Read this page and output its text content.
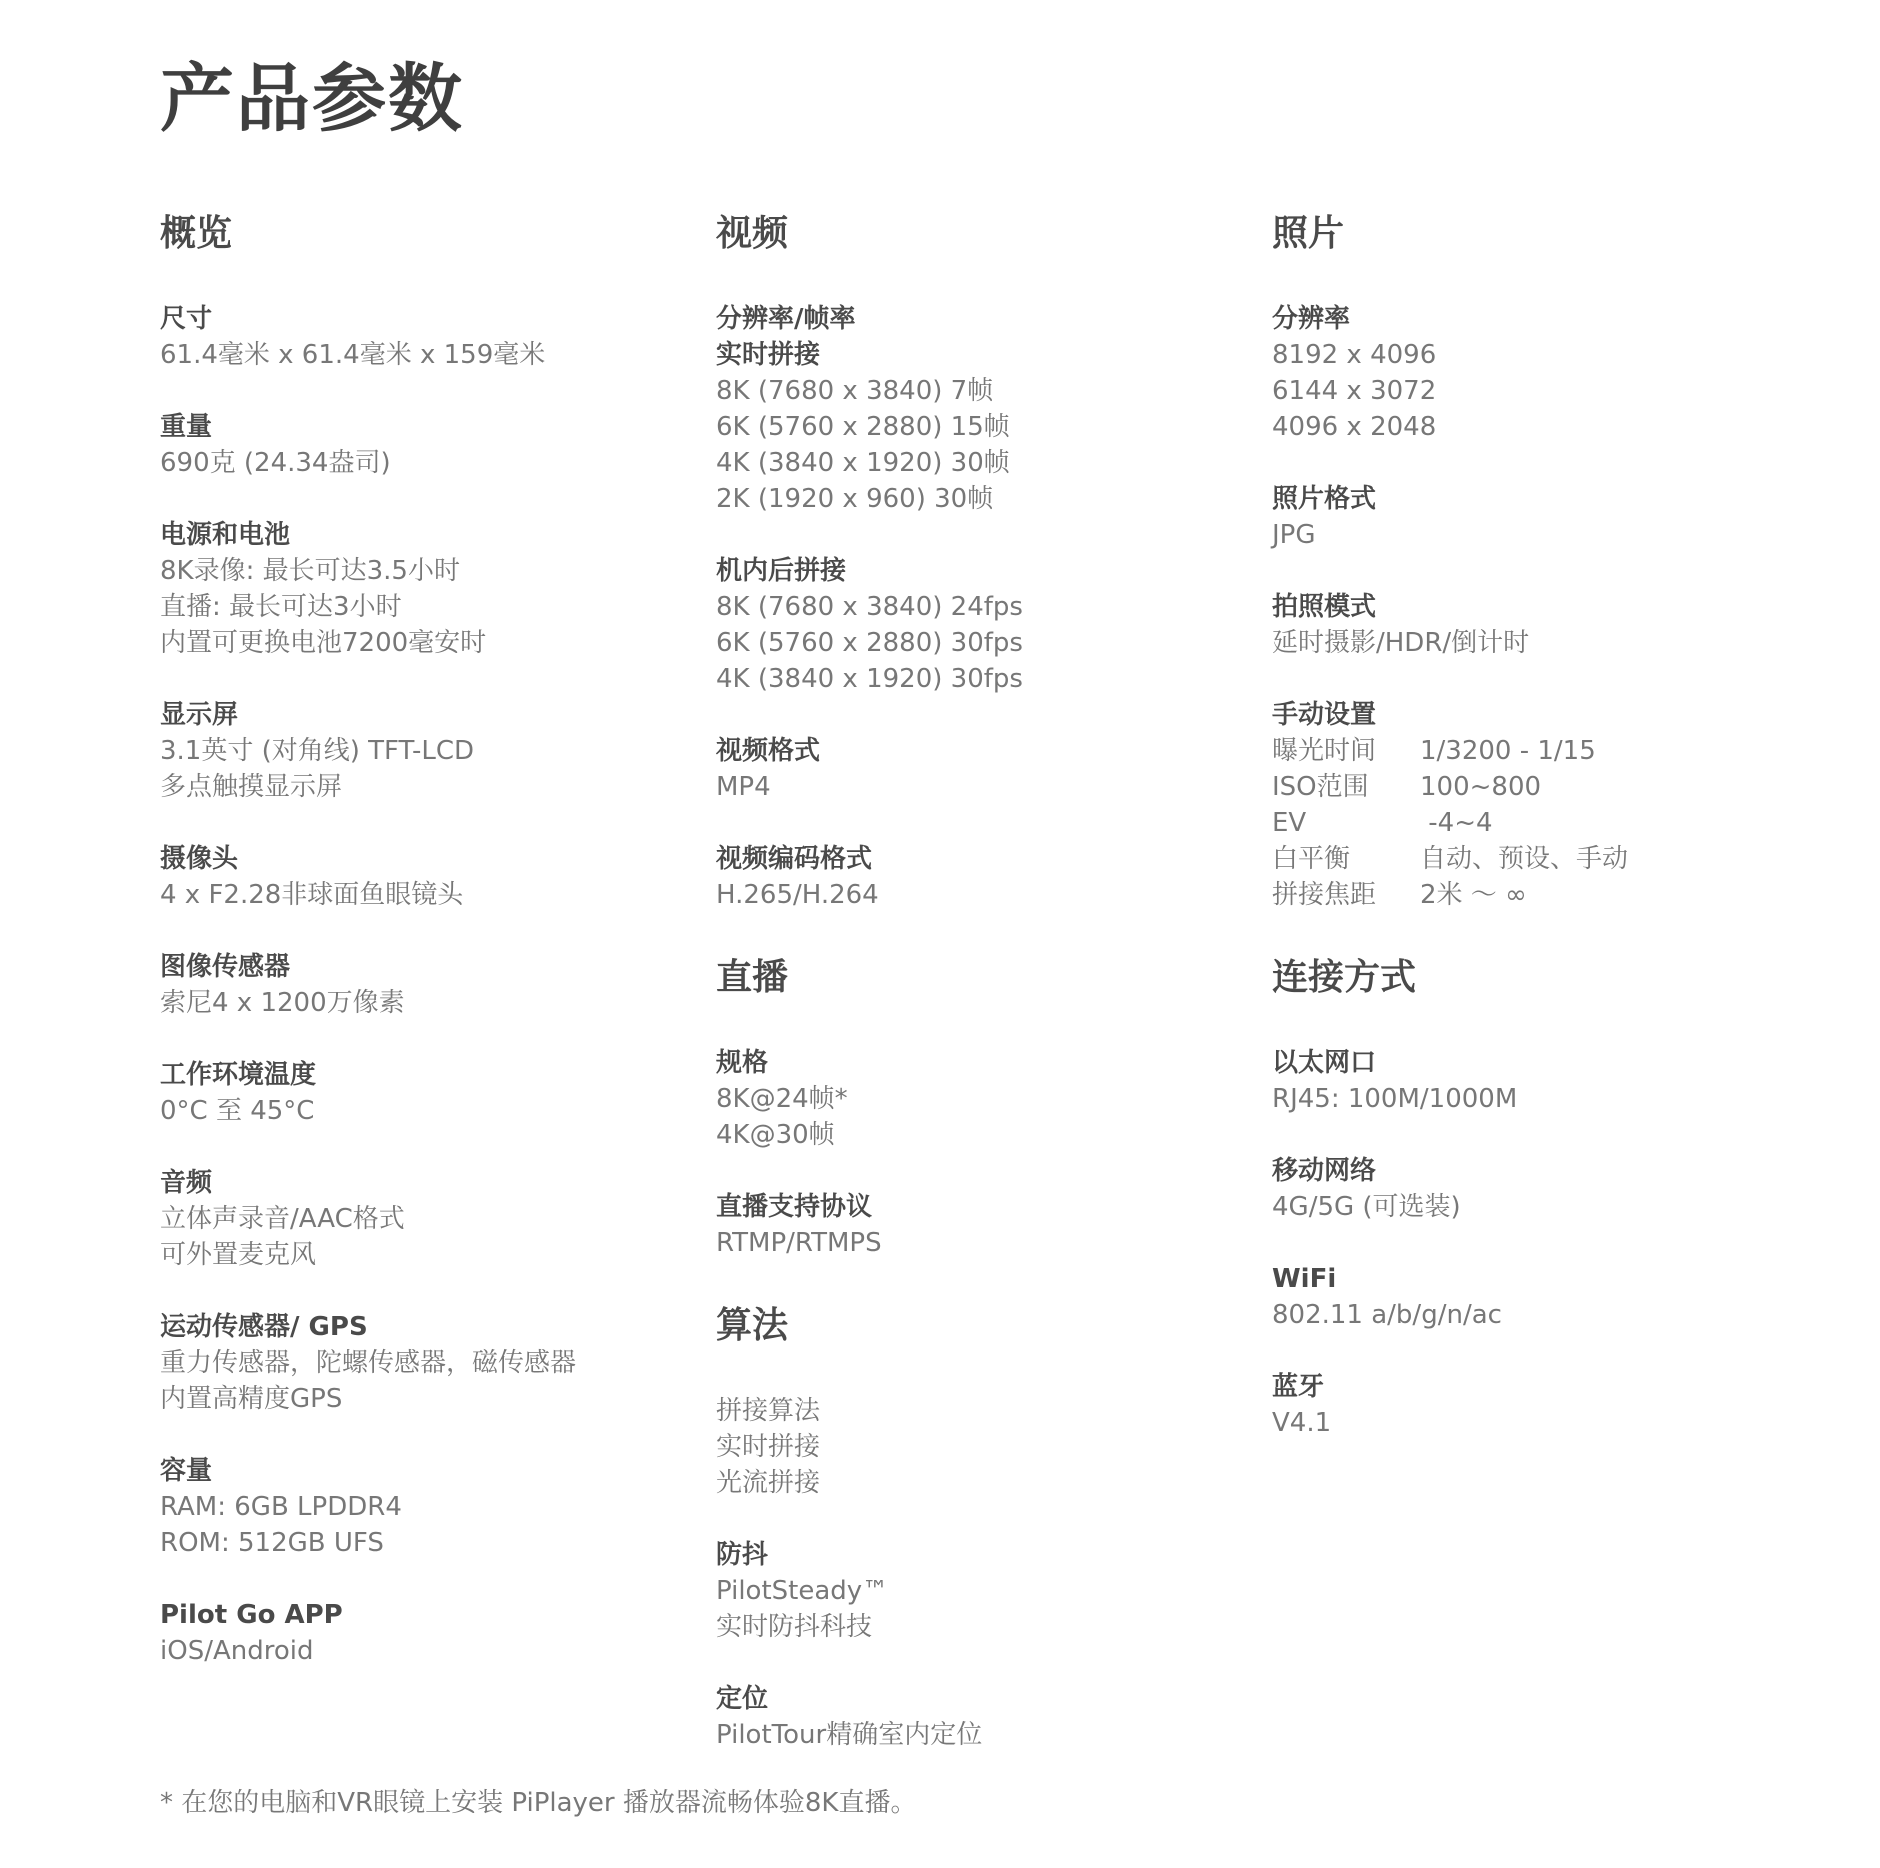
产品参数
概览
尺寸
61.4毫米 x 61.4毫米 x 159毫米
重量
690克 (24.34盎司)
电源和电池
8K录像: 最长可达3.5小时
直播: 最长可达3小时
内置可更换电池7200毫安时
显示屏
3.1英寸 (对角线) TFT-LCD
多点触摸显示屏
摄像头
4 x F2.28非球面鱼眼镜头
图像传感器
索尼4 x 1200万像素
工作环境温度
0°C 至 45°C
音频
立体声录音/AAC格式
可外置麦克风
运动传感器/ GPS
重力传感器，陀螺传感器，磁传感器
内置高精度GPS
容量
RAM: 6GB LPDDR4
ROM: 512GB UFS
Pilot Go APP
iOS/Android
视频
分辨率/帧率
实时拼接
8K (7680 x 3840) 7帧
6K (5760 x 2880) 15帧
4K (3840 x 1920) 30帧
2K (1920 x 960) 30帧
机内后拼接
8K (7680 x 3840) 24fps
6K (5760 x 2880) 30fps
4K (3840 x 1920) 30fps
视频格式
MP4
视频编码格式
H.265/H.264
直播
规格
8K@24帧*
4K@30帧
直播支持协议
RTMP/RTMPS
算法
拼接算法
实时拼接
光流拼接
防抖
PilotSteady™
实时防抖科技
定位
PilotTour精确室内定位
照片
分辨率
8192 x 4096
6144 x 3072
4096 x 2048
照片格式
JPG
拍照模式
延时摄影/HDR/倒计时
手动设置
曝光时间	1/3200 - 1/15
ISO范围	100~800
EV	-4~4
白平衡	自动、预设、手动
拼接焦距	2米 ～ ∞
连接方式
以太网口
RJ45: 100M/1000M
移动网络
4G/5G (可选装)
WiFi
802.11 a/b/g/n/ac
蓝牙
V4.1
* 在您的电脑和VR眼镜上安装 PiPlayer 播放器流畅体验8K直播。
